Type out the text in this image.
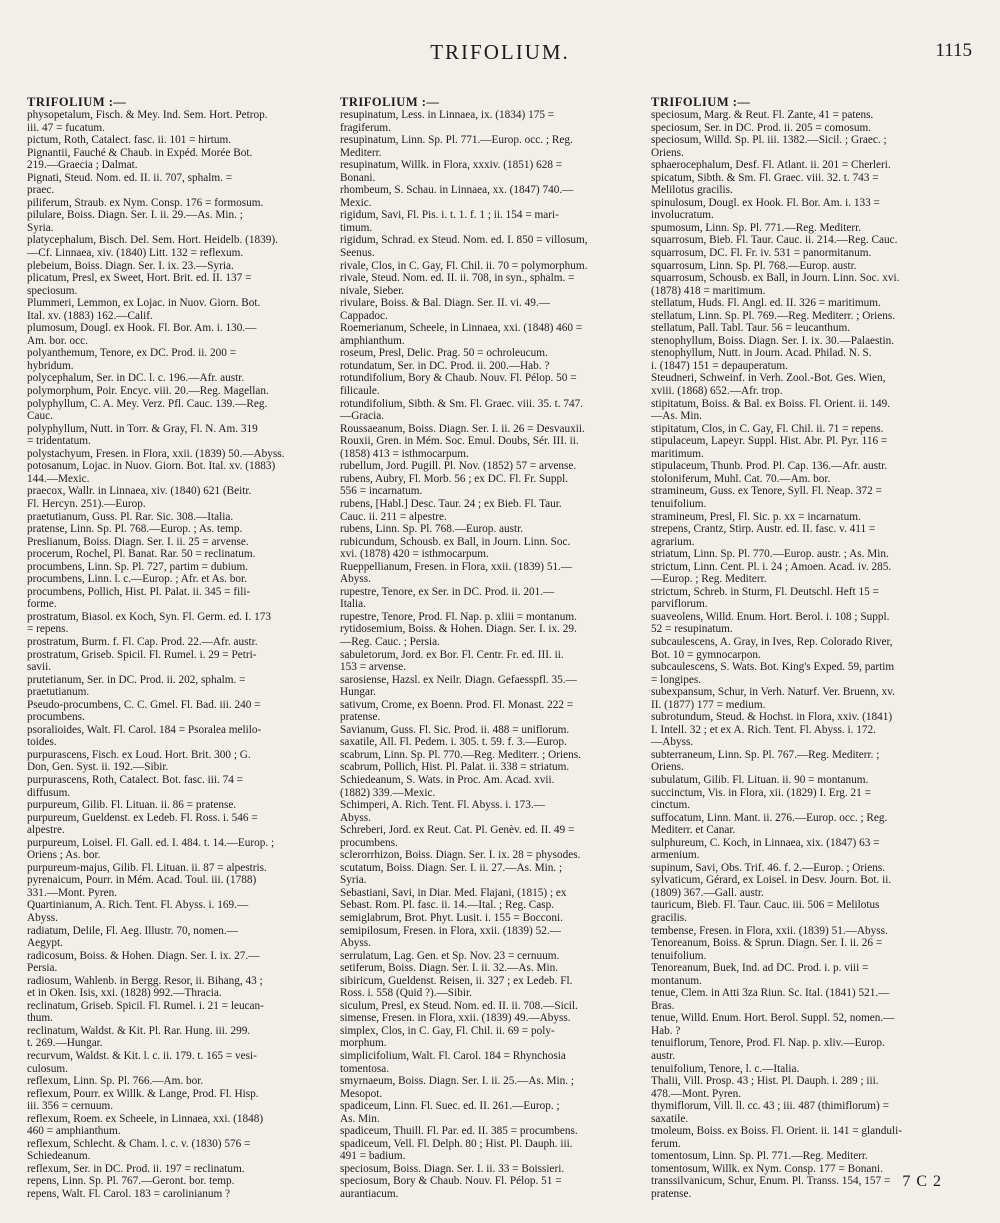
TRIFOLIUM.	1115
TRIFOLIUM :—
physopetalum, Fisch. & Mey. Ind. Sem. Hort. Petrop.
iii. 47 = fucatum.
pictum, Roth, Catalect. fasc. ii. 101 = hirtum.
Pignantii, Fauché & Chaub. in Expéd. Morée Bot.
219.—Graecia ; Dalmat.
Pignati, Steud. Nom. ed. II. ii. 707, sphalm. =
praec.
piliferum, Straub. ex Nym. Consp. 176 = formosum.
pilulare, Boiss. Diagn. Ser. I. ii. 29.—As. Min. ;
Syria.
platycephalum, Bisch. Del. Sem. Hort. Heidelb. (1839).
—Cf. Linnaea, xiv. (1840) Litt. 132 = reflexum.
plebeium, Boiss. Diagn. Ser. I. ix. 23.—Syria.
plicatum, Presl, ex Sweet, Hort. Brit. ed. II. 137 =
speciosum.
Plummeri, Lemmon, ex Lojac. in Nuov. Giorn. Bot.
Ital. xv. (1883) 162.—Calif.
plumosum, Dougl. ex Hook. Fl. Bor. Am. i. 130.—
Am. bor. occ.
polyanthemum, Tenore, ex DC. Prod. ii. 200 =
hybridum.
polycephalum, Ser. in DC. l. c. 196.—Afr. austr.
polymorphum, Poir. Encyc. viii. 20.—Reg. Magellan.
polyphyllum, C. A. Mey. Verz. Pfl. Cauc. 139.—Reg.
Cauc.
polyphyllum, Nutt. in Torr. & Gray, Fl. N. Am. 319
= tridentatum.
polystachyum, Fresen. in Flora, xxii. (1839) 50.—Abyss.
potosanum, Lojac. in Nuov. Giorn. Bot. Ital. xv. (1883)
144.—Mexic.
praecox, Wallr. in Linnaea, xiv. (1840) 621 (Beitr.
Fl. Hercyn. 251).—Europ.
praetutianum, Guss. Pl. Rar. Sic. 308.—Italia.
pratense, Linn. Sp. Pl. 768.—Europ. ; As. temp.
Preslianum, Boiss. Diagn. Ser. I. ii. 25 = arvense.
procerum, Rochel, Pl. Banat. Rar. 50 = reclinatum.
procumbens, Linn. Sp. Pl. 727, partim = dubium.
procumbens, Linn. l. c.—Europ. ; Afr. et As. bor.
procumbens, Pollich, Hist. Pl. Palat. ii. 345 = fili-
forme.
prostratum, Biasol. ex Koch, Syn. Fl. Germ. ed. I. 173
= repens.
prostratum, Burm. f. Fl. Cap. Prod. 22.—Afr. austr.
prostratum, Griseb. Spicil. Fl. Rumel. i. 29 = Petri-
savii.
prutetianum, Ser. in DC. Prod. ii. 202, sphalm. =
praetutianum.
Pseudo-procumbens, C. C. Gmel. Fl. Bad. iii. 240 =
procumbens.
psoralioides, Walt. Fl. Carol. 184 = Psoralea melilo-
toides.
purpurascens, Fisch. ex Loud. Hort. Brit. 300 ; G.
Don, Gen. Syst. ii. 192.—Sibir.
purpurascens, Roth, Catalect. Bot. fasc. iii. 74 =
diffusum.
purpureum, Gilib. Fl. Lituan. ii. 86 = pratense.
purpureum, Gueldenst. ex Ledeb. Fl. Ross. i. 546 =
alpestre.
purpureum, Loisel. Fl. Gall. ed. I. 484. t. 14.—Europ. ;
Oriens ; As. bor.
purpureum-majus, Gilib. Fl. Lituan. ii. 87 = alpestris.
pyrenaicum, Pourr. in Mém. Acad. Toul. iii. (1788)
331.—Mont. Pyren.
Quartinianum, A. Rich. Tent. Fl. Abyss. i. 169.—
Abyss.
radiatum, Delile, Fl. Aeg. Illustr. 70, nomen.—
Aegypt.
radicosum, Boiss. & Hohen. Diagn. Ser. I. ix. 27.—
Persia.
radiosum, Wahlenb. in Bergg. Resor, ii. Bihang, 43 ;
et in Oken. Isis, xxi. (1828) 992.—Thracia.
reclinatum, Griseb. Spicil. Fl. Rumel. i. 21 = leucan-
thum.
reclinatum, Waldst. & Kit. Pl. Rar. Hung. iii. 299.
t. 269.—Hungar.
recurvum, Waldst. & Kit. l. c. ii. 179. t. 165 = vesi-
culosum.
reflexum, Linn. Sp. Pl. 766.—Am. bor.
reflexum, Pourr. ex Willk. & Lange, Prod. Fl. Hisp.
iii. 356 = cernuum.
reflexum, Roem. ex Scheele, in Linnaea, xxi. (1848)
460 = amphianthum.
reflexum, Schlecht. & Cham. l. c. v. (1830) 576 =
Schiedeanum.
reflexum, Ser. in DC. Prod. ii. 197 = reclinatum.
repens, Linn. Sp. Pl. 767.—Geront. bor. temp.
repens, Walt. Fl. Carol. 183 = carolinianum ?
TRIFOLIUM :—
resupinatum, Less. in Linnaea, ix. (1834) 175 =
fragiferum.
resupinatum, Linn. Sp. Pl. 771.—Europ. occ. ; Reg.
Mediterr.
resupinatum, Willk. in Flora, xxxiv. (1851) 628 =
Bonani.
rhombeum, S. Schau. in Linnaea, xx. (1847) 740.—
Mexic.
rigidum, Savi, Fl. Pis. i. t. 1. f. 1 ; ii. 154 = mari-
timum.
rigidum, Schrad. ex Steud. Nom. ed. I. 850 = villosum,
Seenus.
rivale, Clos, in C. Gay, Fl. Chil. ii. 70 = polymorphum.
rivale, Steud. Nom. ed. II. ii. 708, in syn., sphalm. =
nivale, Sieber.
rivulare, Boiss. & Bal. Diagn. Ser. II. vi. 49.—
Cappadoc.
Roemerianum, Scheele, in Linnaea, xxi. (1848) 460 =
amphianthum.
roseum, Presl, Delic. Prag. 50 = ochroleucum.
rotundatum, Ser. in DC. Prod. ii. 200.—Hab. ?
rotundifolium, Bory & Chaub. Nouv. Fl. Pélop. 50 =
filicaule.
rotundifolium, Sibth. & Sm. Fl. Graec. viii. 35. t. 747.
—Gracia.
Roussaeanum, Boiss. Diagn. Ser. I. ii. 26 = Desvauxii.
Rouxii, Gren. in Mém. Soc. Emul. Doubs, Sér. III. ii.
(1858) 413 = isthmocarpum.
rubellum, Jord. Pugill. Pl. Nov. (1852) 57 = arvense.
rubens, Aubry, Fl. Morb. 56 ; ex DC. Fl. Fr. Suppl.
556 = incarnatum.
rubens, [Habl.] Desc. Taur. 24 ; ex Bieb. Fl. Taur.
Cauc. ii. 211 = alpestre.
rubens, Linn. Sp. Pl. 768.—Europ. austr.
rubicundum, Schousb. ex Ball, in Journ. Linn. Soc.
xvi. (1878) 420 = isthmocarpum.
Rueppellianum, Fresen. in Flora, xxii. (1839) 51.—
Abyss.
rupestre, Tenore, ex Ser. in DC. Prod. ii. 201.—
Italia.
rupestre, Tenore, Prod. Fl. Nap. p. xliii = montanum.
rytidosemium, Boiss. & Hohen. Diagn. Ser. I. ix. 29.
—Reg. Cauc. ; Persia.
sabuletorum, Jord. ex Bor. Fl. Centr. Fr. ed. III. ii.
153 = arvense.
sarosiense, Hazsl. ex Neilr. Diagn. Gefaesspfl. 35.—
Hungar.
sativum, Crome, ex Boenn. Prod. Fl. Monast. 222 =
pratense.
Savianum, Guss. Fl. Sic. Prod. ii. 488 = uniflorum.
saxatile, All. Fl. Pedem. i. 305. t. 59. f. 3.—Europ.
scabrum, Linn. Sp. Pl. 770.—Reg. Mediterr. ; Oriens.
scabrum, Pollich, Hist. Pl. Palat. ii. 338 = striatum.
Schiedeanum, S. Wats. in Proc. Am. Acad. xvii.
(1882) 339.—Mexic.
Schimperi, A. Rich. Tent. Fl. Abyss. i. 173.—
Abyss.
Schreberi, Jord. ex Reut. Cat. Pl. Genèv. ed. II. 49 =
procumbens.
sclerorrhizon, Boiss. Diagn. Ser. I. ix. 28 = physodes.
scutatum, Boiss. Diagn. Ser. I. ii. 27.—As. Min. ;
Syria.
Sebastiani, Savi, in Diar. Med. Flajani, (1815) ; ex
Sebast. Rom. Pl. fasc. ii. 14.—Ital. ; Reg. Casp.
semiglabrum, Brot. Phyt. Lusit. i. 155 = Bocconi.
semipilosum, Fresen. in Flora, xxii. (1839) 52.—
Abyss.
serrulatum, Lag. Gen. et Sp. Nov. 23 = cernuum.
setiferum, Boiss. Diagn. Ser. I. ii. 32.—As. Min.
sibiricum, Gueldenst. Reisen, ii. 327 ; ex Ledeb. Fl.
Ross. i. 558 (Quid ?).—Sibir.
siculum, Presl, ex Steud. Nom. ed. II. ii. 708.—Sicil.
simense, Fresen. in Flora, xxii. (1839) 49.—Abyss.
simplex, Clos, in C. Gay, Fl. Chil. ii. 69 = poly-
morphum.
simplicifolium, Walt. Fl. Carol. 184 = Rhynchosia
tomentosa.
smyrnaeum, Boiss. Diagn. Ser. I. ii. 25.—As. Min. ;
Mesopot.
spadiceum, Linn. Fl. Suec. ed. II. 261.—Europ. ;
As. Min.
spadiceum, Thuill. Fl. Par. ed. II. 385 = procumbens.
spadiceum, Vell. Fl. Delph. 80 ; Hist. Pl. Dauph. iii.
491 = badium.
speciosum, Boiss. Diagn. Ser. I. ii. 33 = Boissieri.
speciosum, Bory & Chaub. Nouv. Fl. Pélop. 51 =
aurantiacum.
TRIFOLIUM :—
speciosum, Marg. & Reut. Fl. Zante, 41 = patens.
speciosum, Ser. in DC. Prod. ii. 205 = comosum.
speciosum, Willd. Sp. Pl. iii. 1382.—Sicil. ; Graec. ;
Oriens.
sphaerocephalum, Desf. Fl. Atlant. ii. 201 = Cherleri.
spicatum, Sibth. & Sm. Fl. Graec. viii. 32. t. 743 =
Melilotus gracilis.
spinulosum, Dougl. ex Hook. Fl. Bor. Am. i. 133 =
involucratum.
spumosum, Linn. Sp. Pl. 771.—Reg. Mediterr.
squarrosum, Bieb. Fl. Taur. Cauc. ii. 214.—Reg. Cauc.
squarrosum, DC. Fl. Fr. iv. 531 = panormitanum.
squarrosum, Linn. Sp. Pl. 768.—Europ. austr.
squarrosum, Schousb. ex Ball, in Journ. Linn. Soc. xvi.
(1878) 418 = maritimum.
stellatum, Huds. Fl. Angl. ed. II. 326 = maritimum.
stellatum, Linn. Sp. Pl. 769.—Reg. Mediterr. ; Oriens.
stellatum, Pall. Tabl. Taur. 56 = leucanthum.
stenophyllum, Boiss. Diagn. Ser. I. ix. 30.—Palaestin.
stenophyllum, Nutt. in Journ. Acad. Philad. N. S.
i. (1847) 151 = depauperatum.
Steudneri, Schweinf. in Verh. Zool.-Bot. Ges. Wien,
xviii. (1868) 652.—Afr. trop.
stipitatum, Boiss. & Bal. ex Boiss. Fl. Orient. ii. 149.
—As. Min.
stipitatum, Clos, in C. Gay, Fl. Chil. ii. 71 = repens.
stipulaceum, Lapeyr. Suppl. Hist. Abr. Pl. Pyr. 116 =
maritimum.
stipulaceum, Thunb. Prod. Pl. Cap. 136.—Afr. austr.
stoloniferum, Muhl. Cat. 70.—Am. bor.
stramineum, Guss. ex Tenore, Syll. Fl. Neap. 372 =
tenuifolium.
stramineum, Presl, Fl. Sic. p. xx = incarnatum.
strepens, Crantz, Stirp. Austr. ed. II. fasc. v. 411 =
agrarium.
striatum, Linn. Sp. Pl. 770.—Europ. austr. ; As. Min.
strictum, Linn. Cent. Pl. i. 24 ; Amoen. Acad. iv. 285.
—Europ. ; Reg. Mediterr.
strictum, Schreb. in Sturm, Fl. Deutschl. Heft 15 =
parviflorum.
suaveolens, Willd. Enum. Hort. Berol. i. 108 ; Suppl.
52 = resupinatum.
subcaulescens, A. Gray, in Ives, Rep. Colorado River,
Bot. 10 = gymnocarpon.
subcaulescens, S. Wats. Bot. King's Exped. 59, partim
= longipes.
subexpansum, Schur, in Verh. Naturf. Ver. Bruenn, xv.
II. (1877) 177 = medium.
subrotundum, Steud. & Hochst. in Flora, xxiv. (1841)
I. Intell. 32 ; et ex A. Rich. Tent. Fl. Abyss. i. 172.
—Abyss.
subterraneum, Linn. Sp. Pl. 767.—Reg. Mediterr. ;
Oriens.
subulatum, Gilib. Fl. Lituan. ii. 90 = montanum.
succinctum, Vis. in Flora, xii. (1829) I. Erg. 21 =
cinctum.
suffocatum, Linn. Mant. ii. 276.—Europ. occ. ; Reg.
Mediterr. et Canar.
sulphureum, C. Koch, in Linnaea, xix. (1847) 63 =
armenium.
supinum, Savi, Obs. Trif. 46. f. 2.—Europ. ; Oriens.
sylvaticum, Gérard, ex Loisel. in Desv. Journ. Bot. ii.
(1809) 367.—Gall. austr.
tauricum, Bieb. Fl. Taur. Cauc. iii. 506 = Melilotus
gracilis.
tembense, Fresen. in Flora, xxii. (1839) 51.—Abyss.
Tenoreanum, Boiss. & Sprun. Diagn. Ser. I. ii. 26 =
tenuifolium.
Tenoreanum, Buek, Ind. ad DC. Prod. i. p. viii =
montanum.
tenue, Clem. in Atti 3za Riun. Sc. Ital. (1841) 521.—
Bras.
tenue, Willd. Enum. Hort. Berol. Suppl. 52, nomen.—
Hab. ?
tenuiflorum, Tenore, Prod. Fl. Nap. p. xliv.—Europ.
austr.
tenuifolium, Tenore, l. c.—Italia.
Thalii, Vill. Prosp. 43 ; Hist. Pl. Dauph. i. 289 ; iii.
478.—Mont. Pyren.
thymiflorum, Vill. ll. cc. 43 ; iii. 487 (thimiflorum) =
saxatile.
tmoleum, Boiss. ex Boiss. Fl. Orient. ii. 141 = glanduli-
ferum.
tomentosum, Linn. Sp. Pl. 771.—Reg. Mediterr.
tomentosum, Willk. ex Nym. Consp. 177 = Bonani.
transsilvanicum, Schur, Enum. Pl. Transs. 154, 157 =
pratense.
7 C 2
